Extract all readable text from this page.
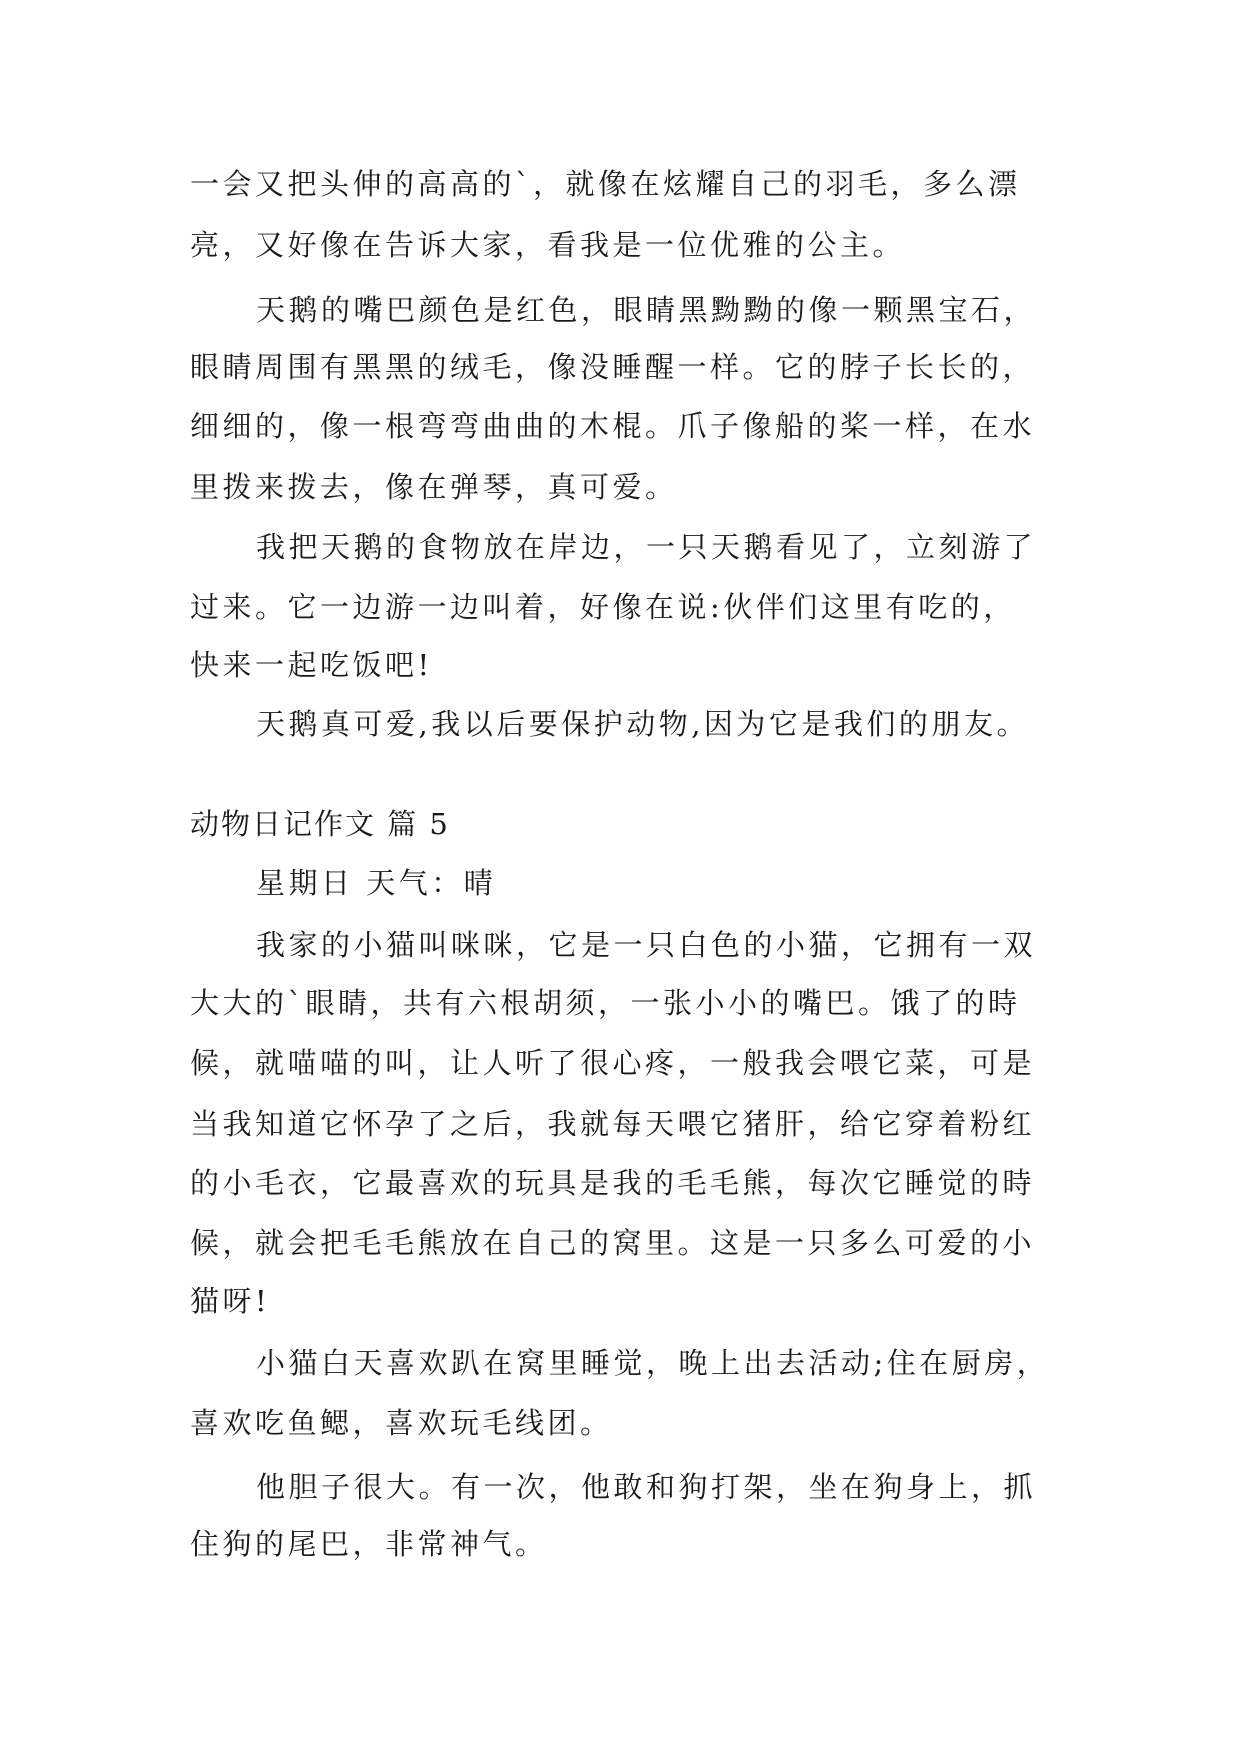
一会又把头伸的高高的`，就像在炫耀自己的羽毛，多么漂

亮，又好像在告诉大家，看我是一位优雅的公主。

天鹅的嘴巴颜色是红色，眼睛黑黝黝的像一颗黑宝石，

眼睛周围有黑黑的绒毛，像没睡醒一样。它的脖子长长的，

细细的，像一根弯弯曲曲的木棍。爪子像船的桨一样，在水

里拨来拨去，像在弹琴，真可爱。

我把天鹅的食物放在岸边，一只天鹅看见了，立刻游了

过来。它一边游一边叫着，好像在说:伙伴们这里有吃的，

快来一起吃饭吧!

天鹅真可爱,我以后要保护动物,因为它是我们的朋友。

动物日记作文 篇 5

星期日 天气：晴

我家的小猫叫咪咪，它是一只白色的小猫，它拥有一双

大大的`眼睛，共有六根胡须，一张小小的嘴巴。饿了的時

候，就喵喵的叫，让人听了很心疼，一般我会喂它菜，可是

当我知道它怀孕了之后，我就每天喂它猪肝，给它穿着粉红

的小毛衣，它最喜欢的玩具是我的毛毛熊，每次它睡觉的時

候，就会把毛毛熊放在自己的窝里。这是一只多么可爱的小

猫呀!

小猫白天喜欢趴在窝里睡觉，晚上出去活动;住在厨房，

喜欢吃鱼鳃，喜欢玩毛线团。

他胆子很大。有一次，他敢和狗打架，坐在狗身上，抓

住狗的尾巴，非常神气。
